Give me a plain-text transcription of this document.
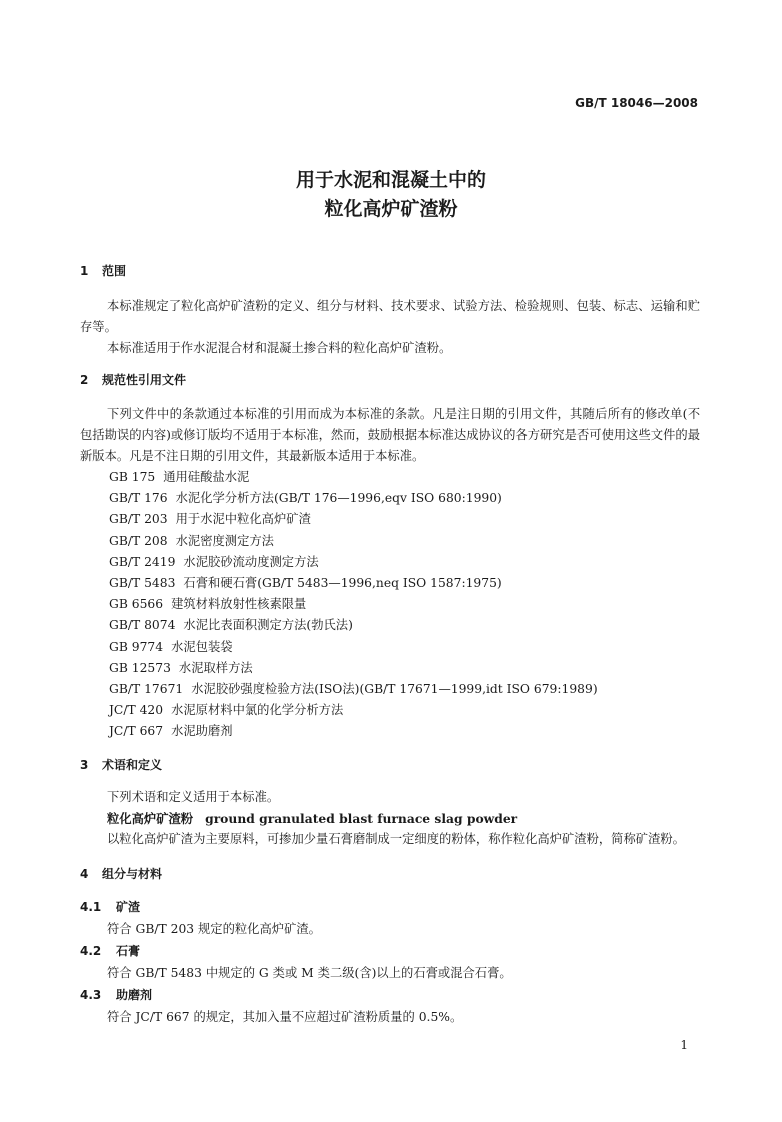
GB/T 18046—2008
用于水泥和混凝土中的
粒化高炉矿渣粉
1 范围

本标准规定了粒化高炉矿渣粉的定义、组分与材料、技术要求、试验方法、检验规则、包装、标志、运输和贮存等。

本标准适用于作水泥混合材和混凝土掺合料的粒化高炉矿渣粉。

2 规范性引用文件

下列文件中的条款通过本标准的引用而成为本标准的条款。凡是注日期的引用文件，其随后所有的修改单(不包括勘误的内容)或修订版均不适用于本标准，然而，鼓励根据本标准达成协议的各方研究是否可使用这些文件的最新版本。凡是不注日期的引用文件，其最新版本适用于本标准。

GB 175 通用硅酸盐水泥

GB/T 176 水泥化学分析方法(GB/T 176—1996,eqv ISO 680:1990)

GB/T 203 用于水泥中粒化高炉矿渣

GB/T 208 水泥密度测定方法

GB/T 2419 水泥胶砂流动度测定方法

GB/T 5483 石膏和硬石膏(GB/T 5483—1996,neq ISO 1587:1975)

GB 6566 建筑材料放射性核素限量

GB/T 8074 水泥比表面积测定方法(勃氏法)

GB 9774 水泥包装袋

GB 12573 水泥取样方法

GB/T 17671 水泥胶砂强度检验方法(ISO法)(GB/T 17671—1999,idt ISO 679:1989)

JC/T 420 水泥原材料中氯的化学分析方法

JC/T 667 水泥助磨剂

3 术语和定义

下列术语和定义适用于本标准。

粒化高炉矿渣粉 ground granulated blast furnace slag powder

以粒化高炉矿渣为主要原料，可掺加少量石膏磨制成一定细度的粉体，称作粒化高炉矿渣粉，简称矿渣粉。

4 组分与材料
4.1 矿渣

符合 GB/T 203 规定的粒化高炉矿渣。

4.2 石膏

符合 GB/T 5483 中规定的 G 类或 M 类二级(含)以上的石膏或混合石膏。

4.3 助磨剂

符合 JC/T 667 的规定，其加入量不应超过矿渣粉质量的 0.5%。

1
